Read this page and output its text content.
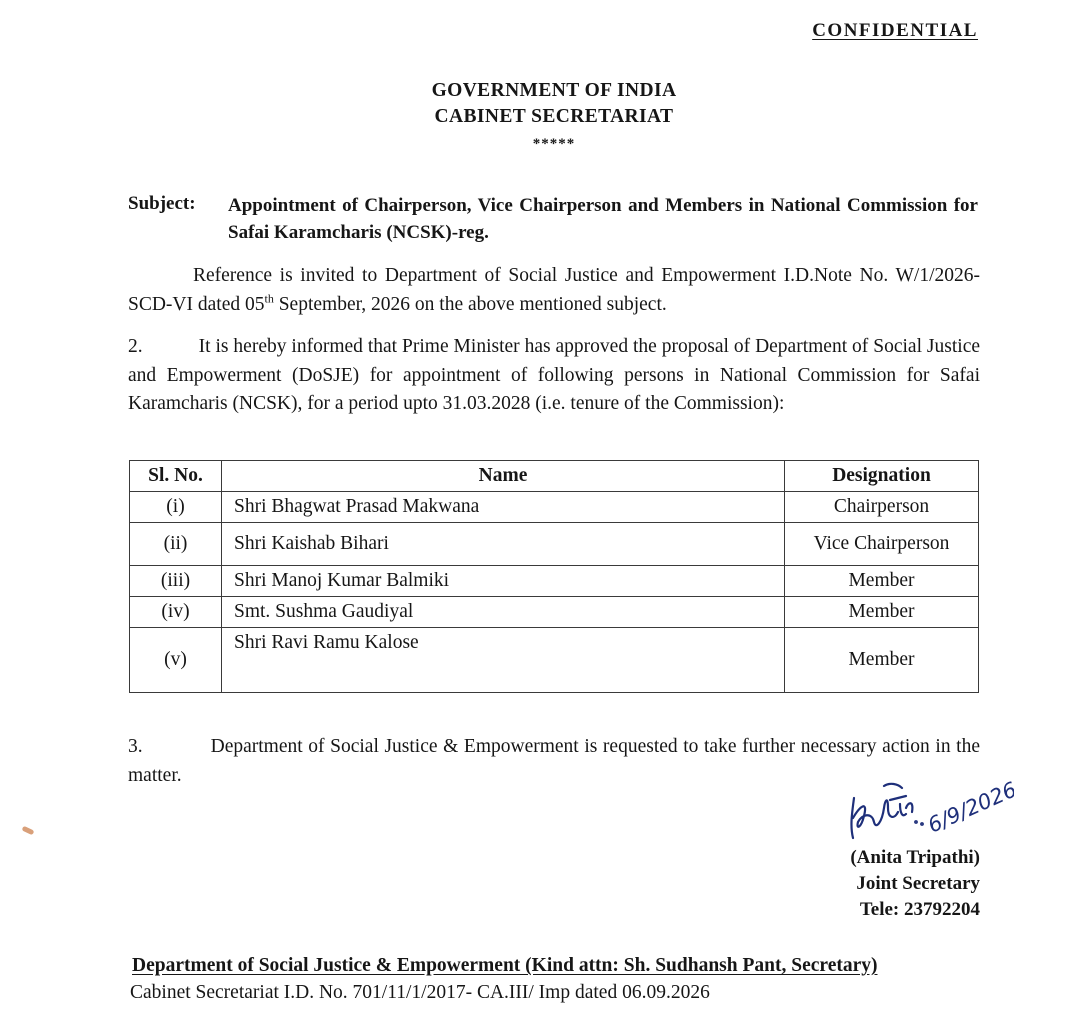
CONFIDENTIAL
GOVERNMENT OF INDIA
CABINET SECRETARIAT
*****
Subject: Appointment of Chairperson, Vice Chairperson and Members in National Commission for Safai Karamcharis (NCSK)-reg.
Reference is invited to Department of Social Justice and Empowerment I.D.Note No. W/1/2026-SCD-VI dated 05th September, 2026 on the above mentioned subject.
2.	It is hereby informed that Prime Minister has approved the proposal of Department of Social Justice and Empowerment (DoSJE) for appointment of following persons in National Commission for Safai Karamcharis (NCSK), for a period upto 31.03.2028 (i.e. tenure of the Commission):
Sl. No.	Name	Designation
(i)	Shri Bhagwat Prasad Makwana	Chairperson
(ii)	Shri Kaishab Bihari	Vice Chairperson
(iii)	Shri Manoj Kumar Balmiki	Member
(iv)	Smt. Sushma Gaudiyal	Member
(v)	Shri Ravi Ramu Kalose	Member
3.	Department of Social Justice & Empowerment is requested to take further necessary action in the matter.
6/9/2026
(Anita Tripathi)
Joint Secretary
Tele: 23792204
Department of Social Justice & Empowerment (Kind attn: Sh. Sudhansh Pant, Secretary)
Cabinet Secretariat I.D. No. 701/11/1/2017- CA.III/ Imp dated 06.09.2026
